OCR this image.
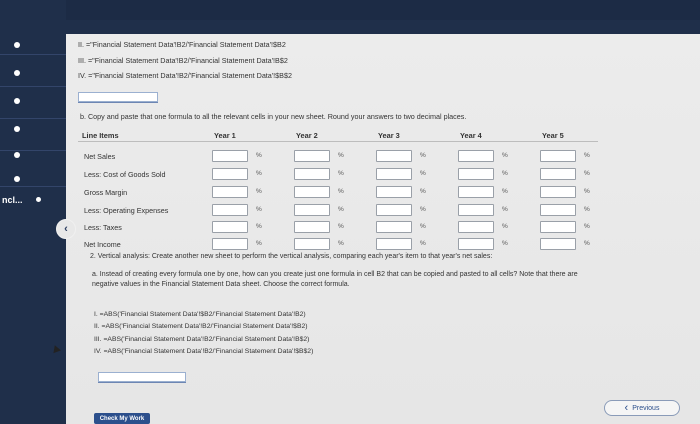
ncl...
‹
II. ="Financial Statement Data'!B2/'Financial Statement Data'!$B2
III. ="Financial Statement Data'!B2/'Financial Statement Data'!B$2
IV. ="Financial Statement Data'!B2/'Financial Statement Data'!$B$2
b. Copy and paste that one formula to all the relevant cells in your new sheet. Round your answers to two decimal places.
Line Items	Year 1	Year 2	Year 3	Year 4	Year 5
2. Vertical analysis: Create another new sheet to perform the vertical analysis, comparing each year's item to that year's net sales:
a. Instead of creating every formula one by one, how can you create just one formula in cell B2 that can be copied and pasted to all cells? Note that there are negative values in the Financial Statement Data sheet. Choose the correct formula.
I. =ABS('Financial Statement Data'!$B2/'Financial Statement Data'!B2)
II. =ABS('Financial Statement Data'!B2/'Financial Statement Data'!$B2)
III. =ABS('Financial Statement Data'!B2/'Financial Statement Data'!B$2)
IV. =ABS('Financial Statement Data'!B2/'Financial Statement Data'!$B$2)
Check My Work
‹ Previous
Net Sales	%	%	%	%	%
Less: Cost of Goods Sold	%	%	%	%	%
Gross Margin	%	%	%	%	%
Less: Operating Expenses	%	%	%	%	%
Less: Taxes	%	%	%	%	%
Net Income	%	%	%	%	%
